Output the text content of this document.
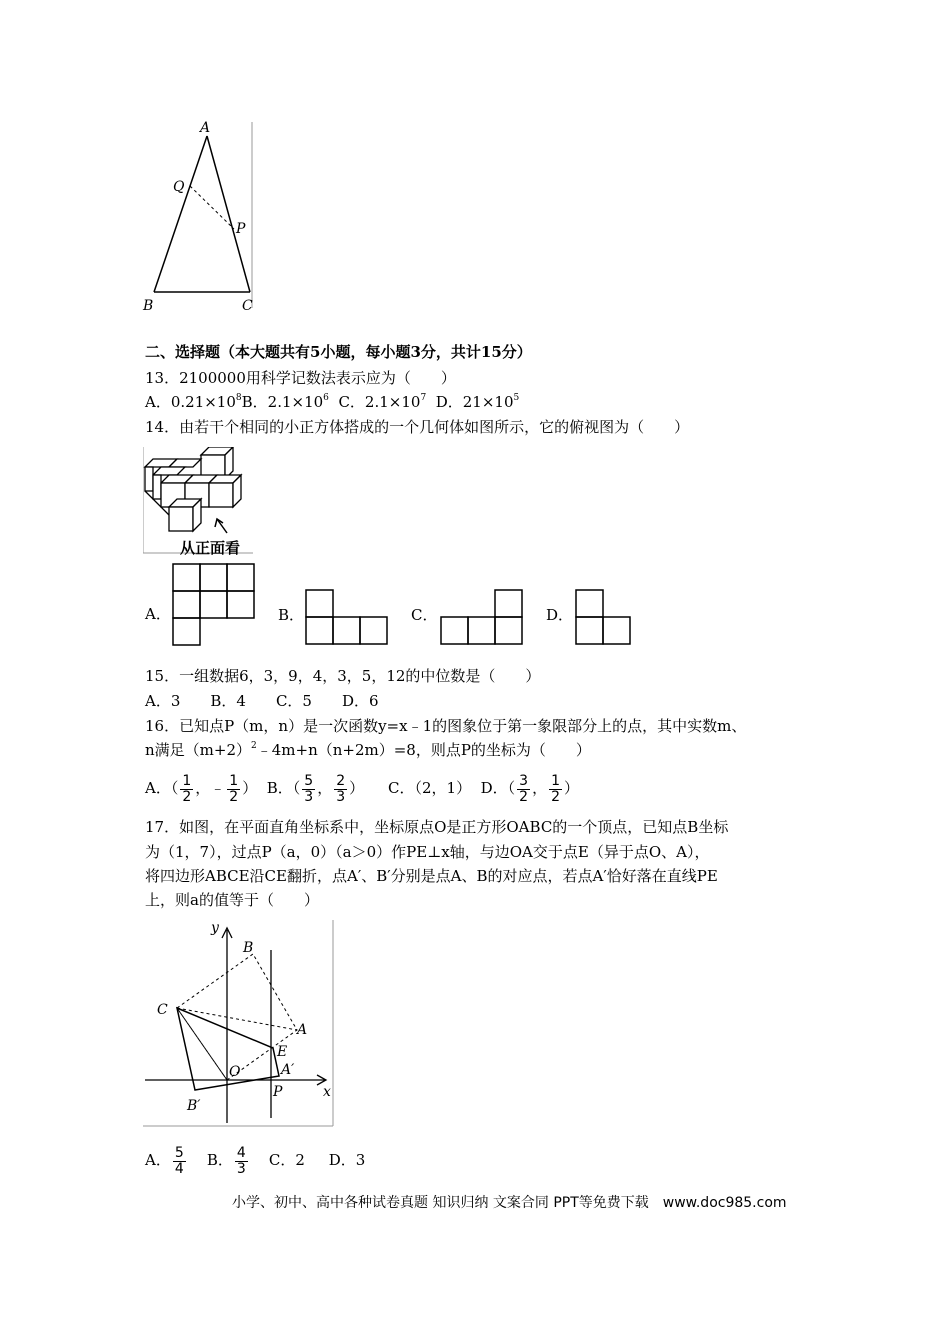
A
Q
P
B	C
二、选择题（本大题共有5小题，每小题3分，共计15分）
13．2100000用科学记数法表示应为（　　）
A．$0.21\times 10^8B$．$2.1\times 10^6$ C．$2.1\times 10^7$ D．$21\times 10^5$
14．由若干个相同的小正方体搭成的一个几何体如图所示，它的俯视图为（　　）
从正面看
A．	B．	C．	D．
15．一组数据6，3，9，4，3，5，12的中位数是（　　）
A．3　　B．4　　C．5　　D．6
16．已知点P（m，n）是一次函数y=x﹣1的图象位于第一象限部分上的点，其中实数m、
n满足$(m+2)^2﹣4m+n(n+2m)=8$，则点P的坐标为（　　）
A．（ $\frac{1}{2}$ ，﹣ $\frac{1}{2}$ ） B．（ $\frac{5}{3}$ ， $\frac{2}{3}$ ） C．（2，1） D．（ $\frac{3}{2}$ ， $\frac{1}{2}$ ）
17．如图，在平面直角坐标系中，坐标原点O是正方形OABC的一个顶点，已知点B坐标
为（1，7），过点P（a，0）（a＞0）作PE⊥x轴，与边OA交于点E（异于点O、A），
将四边形ABCE沿CE翻折，点A′、B′分别是点A、B的对应点，若点A′恰好落在直线PE
上，则a的值等于（　　）
y
B
C
A
E
O	A′
B′
P	x
A． $\frac{5}{4}$ B． $\frac{4}{3}$ C．2 D．3
小学、初中、高中各种试卷真题 知识归纳 文案合同 PPT等免费下载　www.doc985.com
